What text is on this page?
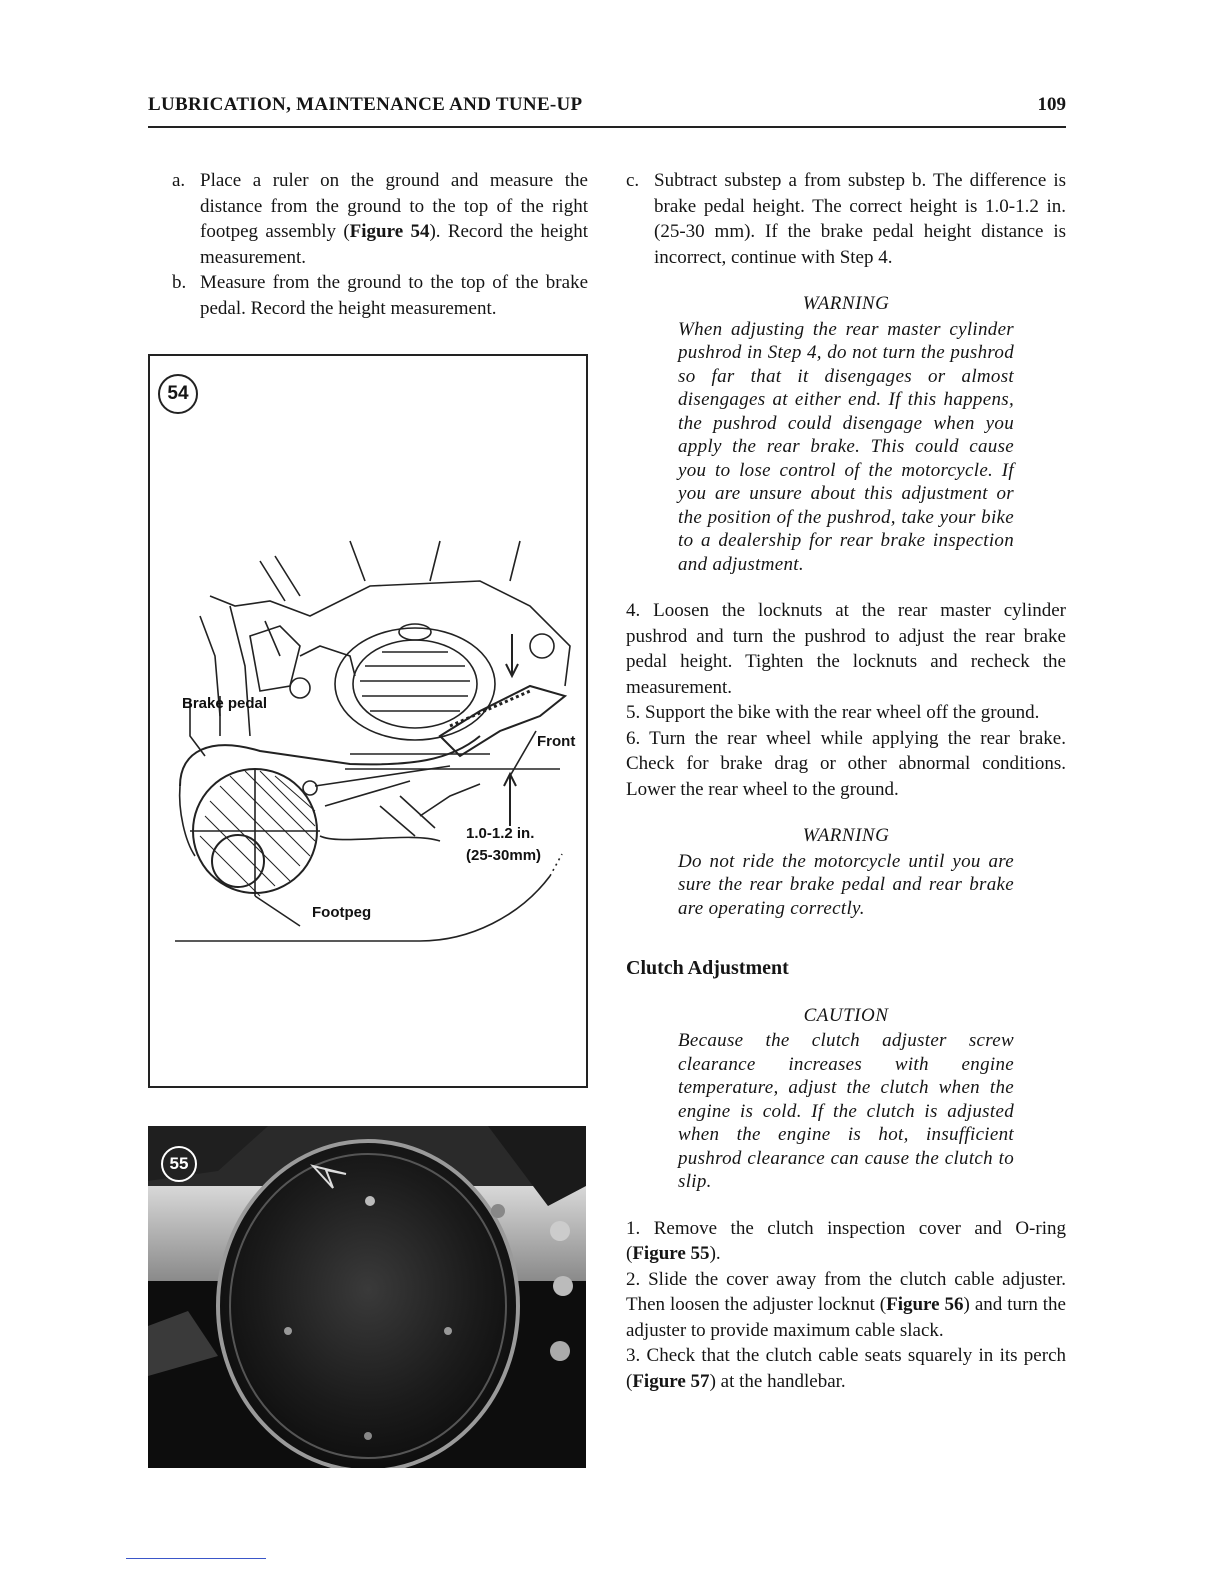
LUBRICATION, MAINTENANCE AND TUNE-UP	109
a. Place a ruler on the ground and measure the distance from the ground to the top of the right footpeg assembly (Figure 54). Record the height measurement.
b. Measure from the ground to the top of the brake pedal. Record the height measurement.
Brake pedal
Front
1.0-1.2 in.
(25-30mm)
Footpeg
54
55
c. Subtract substep a from substep b. The difference is brake pedal height. The correct height is 1.0-1.2 in. (25-30 mm). If the brake pedal height distance is incorrect, continue with Step 4.
WARNING
When adjusting the rear master cylinder pushrod in Step 4, do not turn the pushrod so far that it disengages or almost disengages at either end. If this happens, the pushrod could disengage when you apply the rear brake. This could cause you to lose control of the motorcycle. If you are unsure about this adjustment or the position of the pushrod, take your bike to a dealership for rear brake inspection and adjustment.

4. Loosen the locknuts at the rear master cylinder pushrod and turn the pushrod to adjust the rear brake pedal height. Tighten the locknuts and recheck the measurement.

5. Support the bike with the rear wheel off the ground.

6. Turn the rear wheel while applying the rear brake. Check for brake drag or other abnormal conditions. Lower the rear wheel to the ground.

WARNING
Do not ride the motorcycle until you are sure the rear brake pedal and rear brake are operating correctly.
Clutch Adjustment
CAUTION
Because the clutch adjuster screw clearance increases with engine temperature, adjust the clutch when the engine is cold. If the clutch is adjusted when the engine is hot, insufficient pushrod clearance can cause the clutch to slip.

1. Remove the clutch inspection cover and O-ring (Figure 55).

2. Slide the cover away from the clutch cable adjuster. Then loosen the adjuster locknut (Figure 56) and turn the adjuster to provide maximum cable slack.

3. Check that the clutch cable seats squarely in its perch (Figure 57) at the handlebar.
